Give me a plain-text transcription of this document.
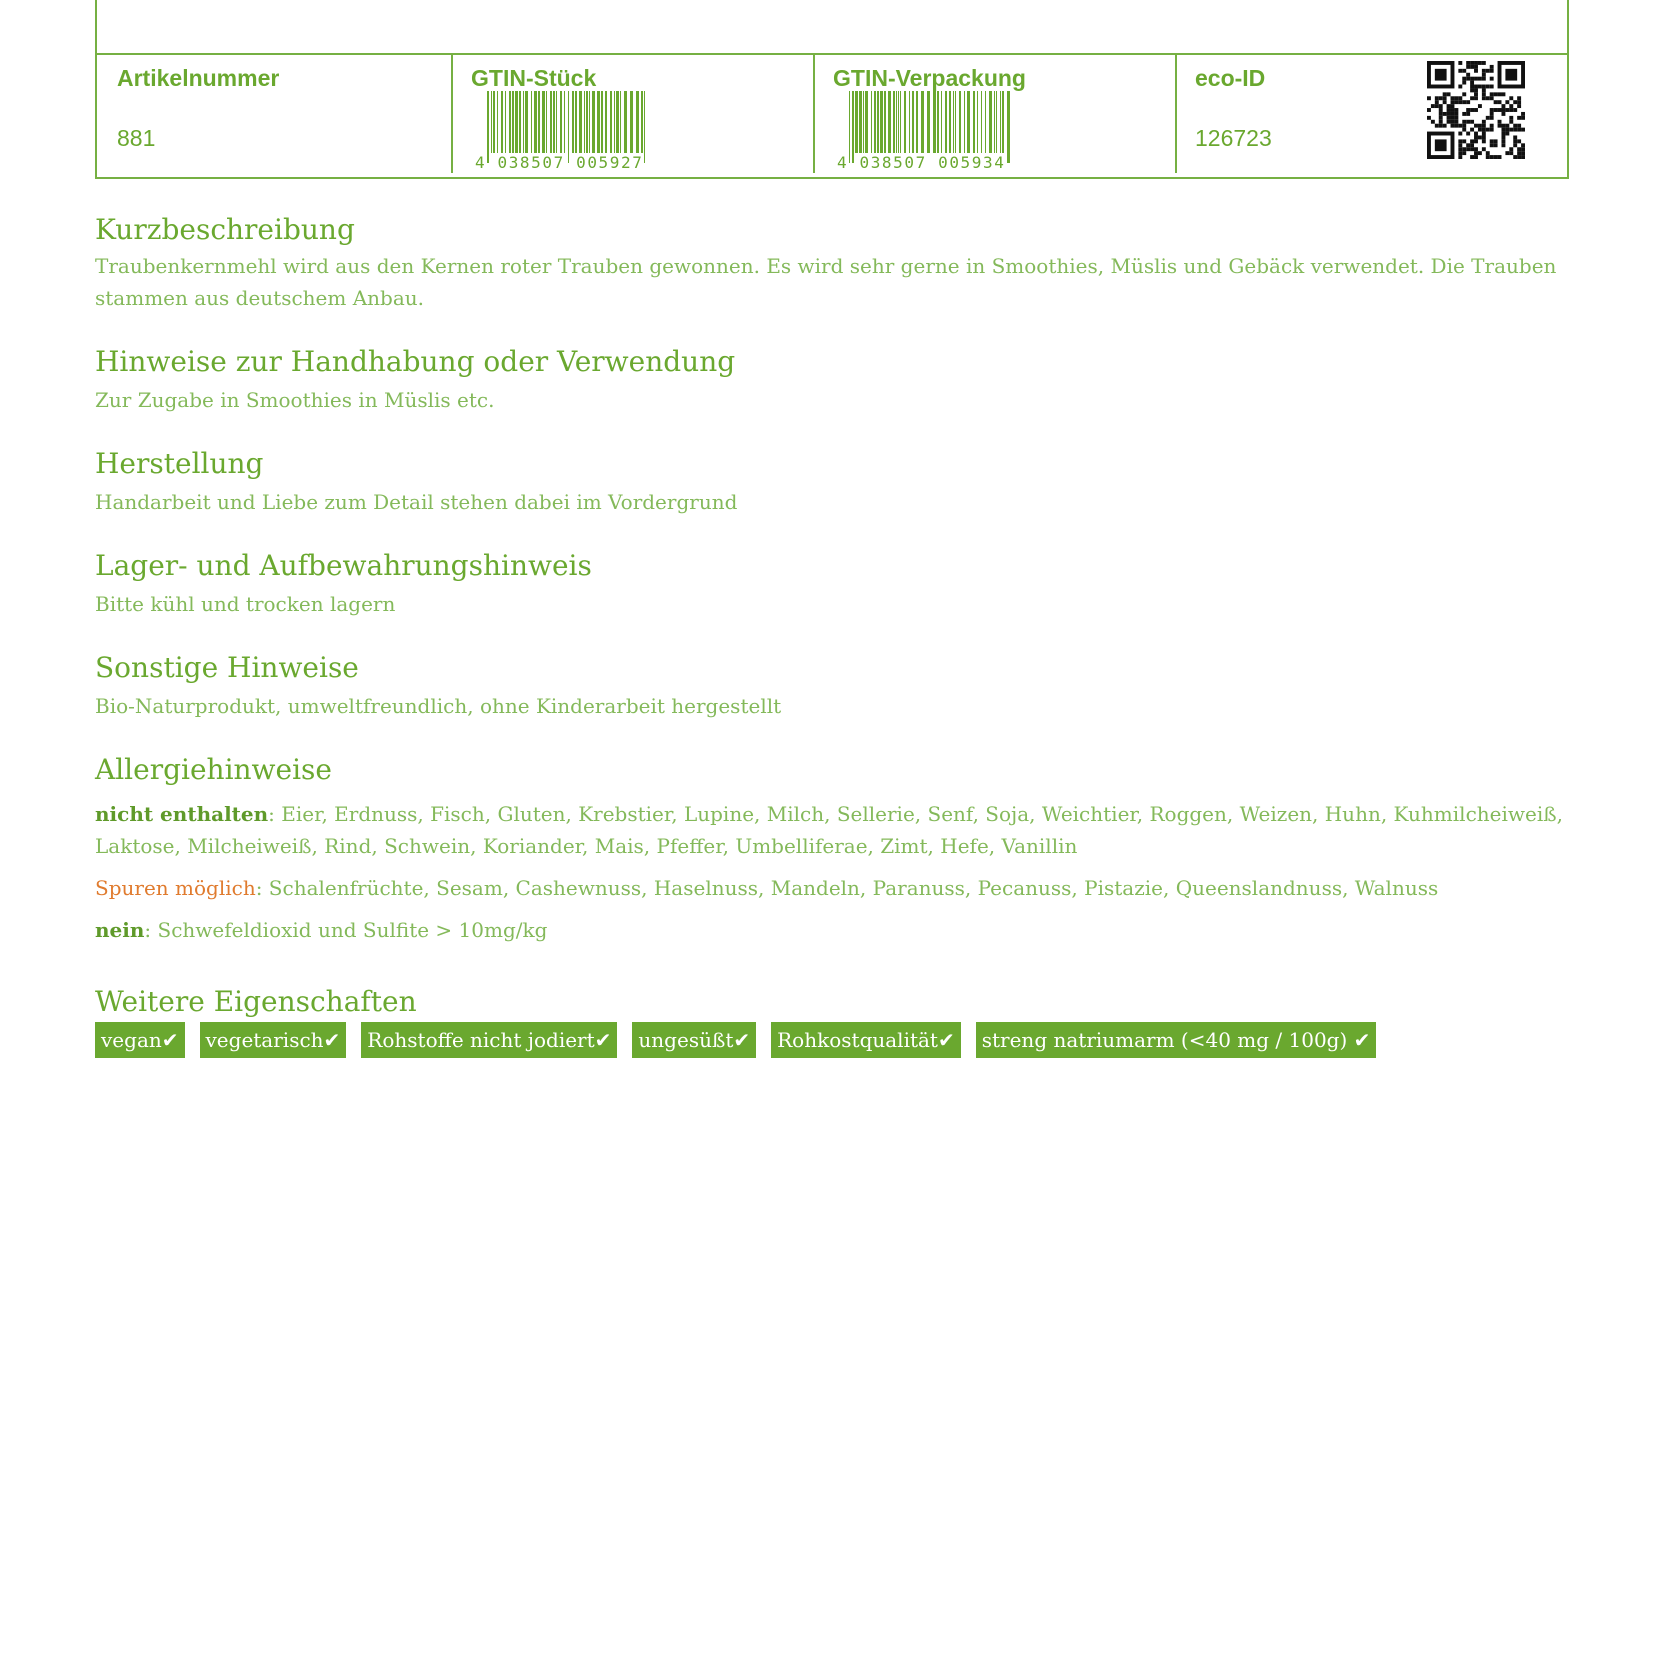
Artikelnummer
881
GTIN-Stück
4 038507 005927
GTIN-Verpackung
4 038507 005934
eco-ID
126723
Kurzbeschreibung

Traubenkernmehl wird aus den Kernen roter Trauben gewonnen. Es wird sehr gerne in Smoothies, Müslis und Gebäck verwendet. Die Trauben stammen aus deutschem Anbau.

Hinweise zur Handhabung oder Verwendung

Zur Zugabe in Smoothies in Müslis etc.

Herstellung

Handarbeit und Liebe zum Detail stehen dabei im Vordergrund

Lager- und Aufbewahrungshinweis

Bitte kühl und trocken lagern

Sonstige Hinweise

Bio-Naturprodukt, umweltfreundlich, ohne Kinderarbeit hergestellt

Allergiehinweise

nicht enthalten: Eier, Erdnuss, Fisch, Gluten, Krebstier, Lupine, Milch, Sellerie, Senf, Soja, Weichtier, Roggen, Weizen, Huhn, Kuhmilcheiweiß, Laktose, Milcheiweiß, Rind, Schwein, Koriander, Mais, Pfeffer, Umbelliferae, Zimt, Hefe, Vanillin

Spuren möglich: Schalenfrüchte, Sesam, Cashewnuss, Haselnuss, Mandeln, Paranuss, Pecanuss, Pistazie, Queenslandnuss, Walnuss

nein: Schwefeldioxid und Sulfite > 10mg/kg

Weitere Eigenschaften
vegan✔	vegetarisch✔	Rohstoffe nicht jodiert✔	ungesüßt✔	Rohkostqualität✔	streng natriumarm (<40 mg / 100g) ✔
